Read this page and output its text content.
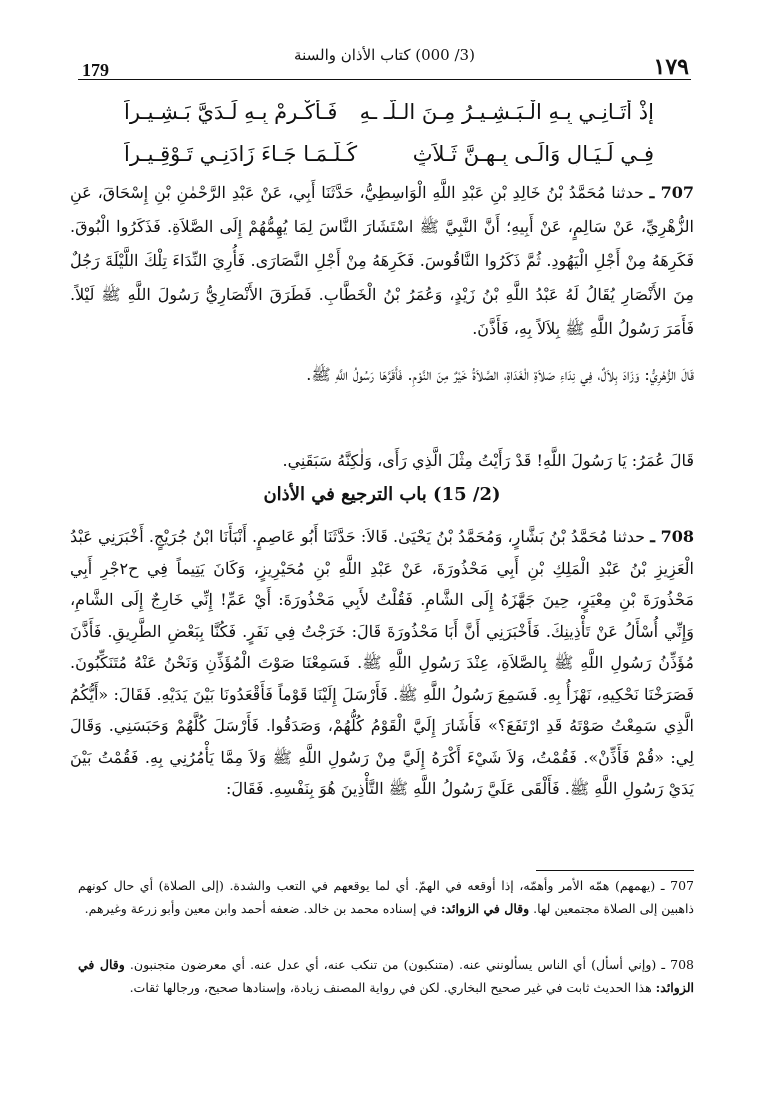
179
(3/ 000) كتاب الأذان والسنة	١٧٩
إذْ أتَـانِـي بِـهِ الْـبَـشِـيـرُ مِـنَ الـلّـ ـهِ
فَـأَكْـرِمْ بِـهِ لَـدَيَّ بَـشِـيـراً
فِـي لَـيَـالٍ وَالَـى بِـهِـنَّ ثَـلاَثٍ
كُـلَّـمَـا جَـاءَ زَادَنِـي تَـوْقِـيـراً
707 ـ حدثنا مُحَمَّدُ بْنُ خَالِدِ بْنِ عَبْدِ اللَّهِ الْوَاسِطِيُّ، حَدَّثَنَا أَبِي، عَنْ عَبْدِ الرَّحْمٰنِ بْنِ إِسْحَاقَ، عَنِ الزُّهْرِيِّ، عَنْ سَالِمٍ، عَنْ أَبِيهِ؛ أَنَّ النَّبِيَّ ﷺ اسْتَشَارَ النَّاسَ لِمَا يُهِمُّهُمْ إِلَى الصَّلاَةِ. فَذَكَرُوا الْبُوقَ. فَكَرِهَهُ مِنْ أَجْلِ الْيَهُودِ. ثُمَّ ذَكَرُوا النَّاقُوسَ. فَكَرِهَهُ مِنْ أَجْلِ النَّصَارَى. فَأُرِيَ النِّدَاءَ تِلْكَ اللَّيْلَةَ رَجُلٌ مِنَ الأَنْصَارِ يُقَالُ لَهُ عَبْدُ اللَّهِ بْنُ زَيْدٍ، وَعُمَرُ بْنُ الْخَطَّابِ. فَطَرَقَ الأَنْصَارِيُّ رَسُولَ اللَّهِ ﷺ لَيْلاً. فَأَمَرَ رَسُولُ اللَّهِ ﷺ بِلاَلاً بِهِ، فَأَذَّنَ.
قَالَ الزُّهْرِيُّ: وَزَادَ بِلاَلٌ، فِي نِدَاءِ صَلاَةِ الْغَدَاةِ، الصَّلاَةُ خَيْرٌ مِنَ النَّوْمِ. فَأَقَرَّهَا رَسُولُ اللَّهِ ﷺ.
قَالَ عُمَرُ: يَا رَسُولَ اللَّهِ! قَدْ رَأَيْتُ مِثْلَ الَّذِي رَأَى، وَلٰكِنَّهُ سَبَقَنِي.
(2/ 15) باب الترجيع في الأذان
708 ـ حدثنا مُحَمَّدُ بْنُ بَشَّارٍ، وَمُحَمَّدُ بْنُ يَحْيَىٰ. قَالاَ: حَدَّثَنَا أَبُو عَاصِمٍ. أَنْبَأَنَا ابْنُ جُرَيْجٍ. أَخْبَرَنِي عَبْدُ الْعَزِيزِ بْنُ عَبْدِ الْمَلِكِ بْنِ أَبِي مَحْذُورَةَ، عَنْ عَبْدِ اللَّهِ بْنِ مُحَيْرِيزٍ، وَكَانَ يَتِيماً فِي ح٢جْرِ أَبِي مَحْذُورَةَ بْنِ مِعْيَرٍ، حِينَ جَهَّزَهُ إِلَى الشَّامِ. فَقُلْتُ لأَبِي مَحْذُورَةَ: أَيْ عَمِّ! إِنِّي خَارِجٌ إِلَى الشَّامِ، وَإِنِّي أُسْأَلُ عَنْ تَأْذِينِكَ. فَأَخْبَرَنِي أَنَّ أَبَا مَحْذُورَةَ قَالَ: خَرَجْتُ فِي نَفَرٍ. فَكُنَّا بِبَعْضِ الطَّرِيقِ. فَأَذَّنَ مُؤَذِّنُ رَسُولِ اللَّهِ ﷺ بِالصَّلاَةِ، عِنْدَ رَسُولِ اللَّهِ ﷺ. فَسَمِعْنَا صَوْتَ الْمُؤَذِّنِ وَنَحْنُ عَنْهُ مُتَنَكِّبُونَ. فَصَرَخْنَا نَحْكِيهِ، نَهْزَأُ بِهِ. فَسَمِعَ رَسُولُ اللَّهِ ﷺ. فَأَرْسَلَ إِلَيْنَا قَوْماً فَأَقْعَدُونَا بَيْنَ يَدَيْهِ. فَقَالَ: «أَيُّكُمُ الَّذِي سَمِعْتُ صَوْتَهُ قَدِ ارْتَفَعَ؟» فَأَشَارَ إِلَيَّ الْقَوْمُ كُلُّهُمْ، وَصَدَقُوا. فَأَرْسَلَ كُلَّهُمْ وَحَبَسَنِي. وَقَالَ لِي: «قُمْ فَأَذِّنْ». فَقُمْتُ، وَلاَ شَيْءَ أَكْرَهُ إِلَيَّ مِنْ رَسُولِ اللَّهِ ﷺ وَلاَ مِمَّا يَأْمُرُنِي بِهِ. فَقُمْتُ بَيْنَ يَدَيْ رَسُولِ اللَّهِ ﷺ. فَأَلْقَى عَلَيَّ رَسُولُ اللَّهِ ﷺ التَّأْذِينَ هُوَ بِنَفْسِهِ. فَقَالَ:
707 ـ (يهمهم) همّه الأمر وأهمّه، إذا أوقعه في الهمّ. أي لما يوقعهم في التعب والشدة. (إلى الصلاة) أي حال كونهم ذاهبين إلى الصلاة مجتمعين لها. وقال في الزوائد: في إسناده محمد بن خالد. ضعفه أحمد وابن معين وأبو زرعة وغيرهم.
708 ـ (وإني أسأل) أي الناس يسألونني عنه. (متنكبون) من تنكب عنه، أي عدل عنه. أي معرضون متجنبون. وقال في الزوائد: هذا الحديث ثابت في غير صحيح البخاري. لكن في رواية المصنف زيادة، وإسنادها صحيح، ورجالها ثقات.
